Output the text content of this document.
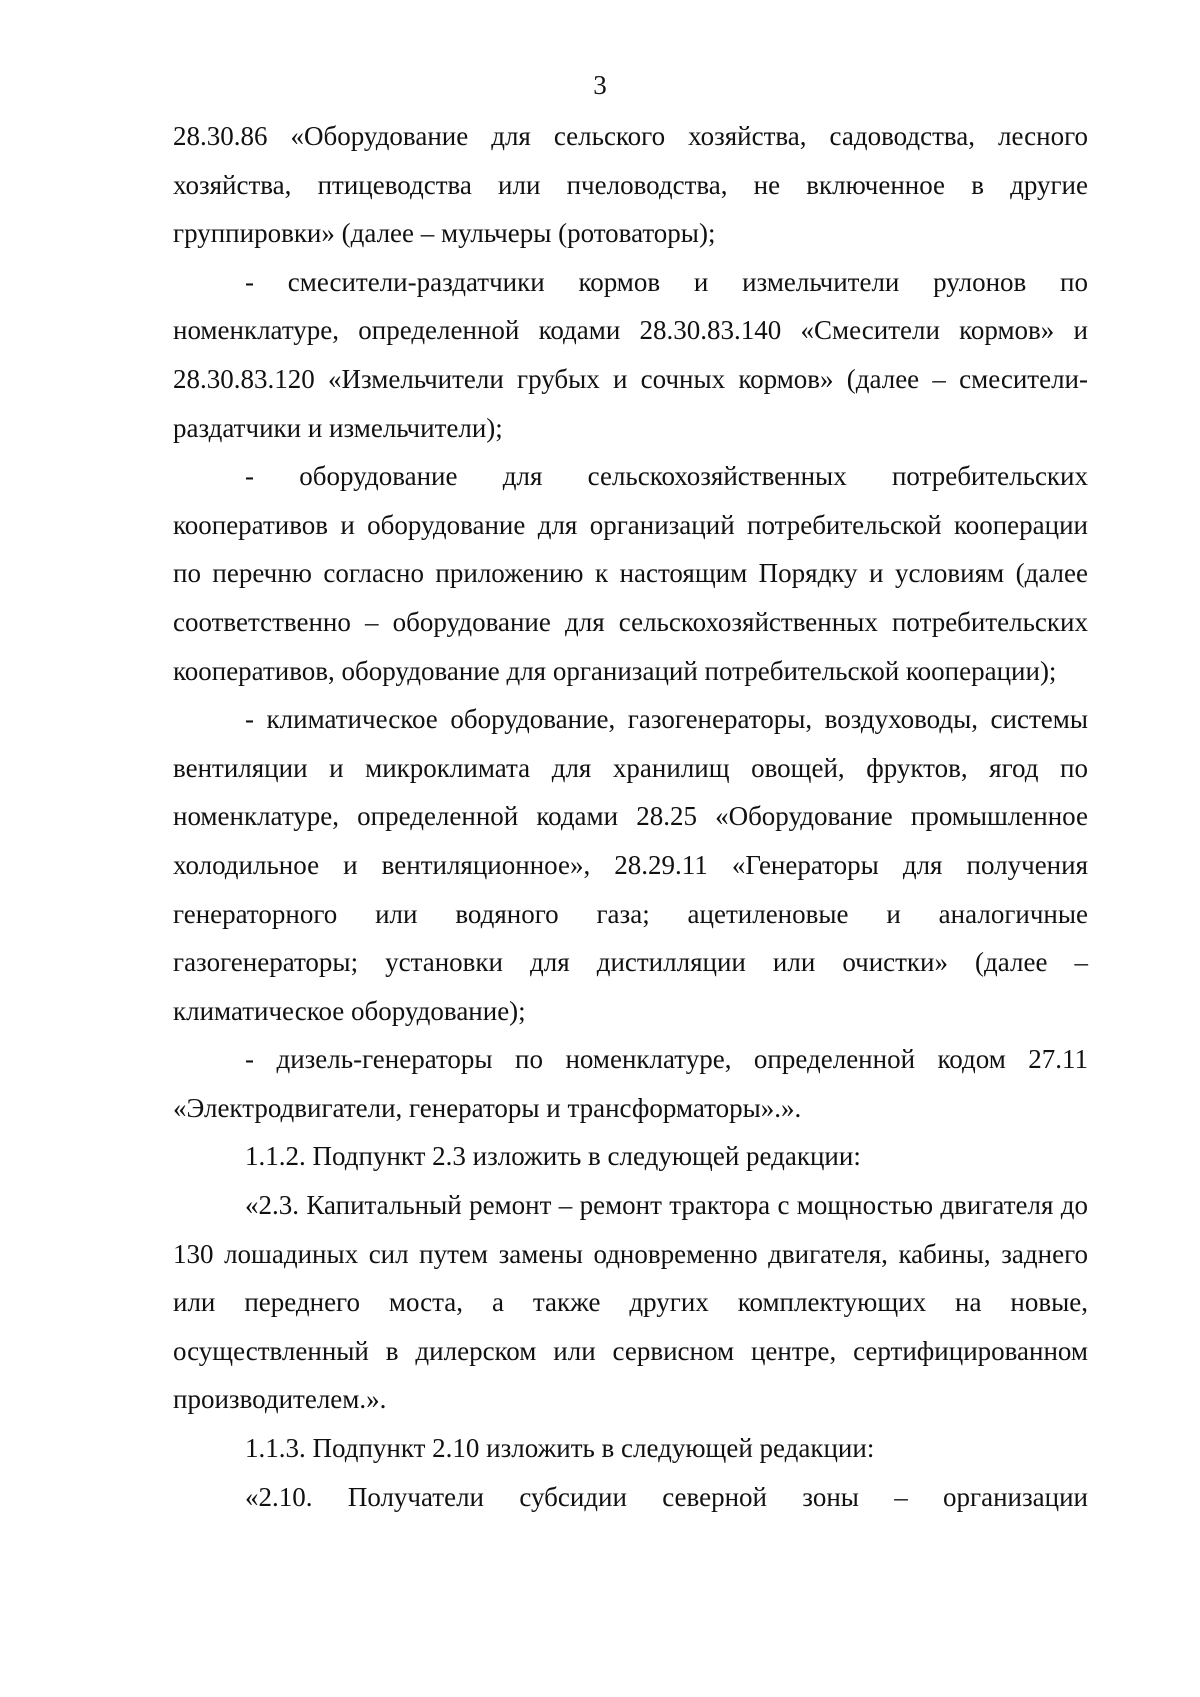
3

28.30.86 «Оборудование для сельского хозяйства, садоводства, лесного хозяйства, птицеводства или пчеловодства, не включенное в другие группировки» (далее – мульчеры (ротоваторы);

- смесители-раздатчики кормов и измельчители рулонов по номенклатуре, определенной кодами 28.30.83.140 «Смесители кормов» и 28.30.83.120 «Измельчители грубых и сочных кормов» (далее – смесители-раздатчики и измельчители);

- оборудование для сельскохозяйственных потребительских кооперативов и оборудование для организаций потребительской кооперации по перечню согласно приложению к настоящим Порядку и условиям (далее соответственно – оборудование для сельскохозяйственных потребительских кооперативов, оборудование для организаций потребительской кооперации);

- климатическое оборудование, газогенераторы, воздуховоды, системы вентиляции и микроклимата для хранилищ овощей, фруктов, ягод по номенклатуре, определенной кодами 28.25 «Оборудование промышленное холодильное и вентиляционное», 28.29.11 «Генераторы для получения генераторного или водяного газа; ацетиленовые и аналогичные газогенераторы; установки для дистилляции или очистки» (далее – климатическое оборудование);

- дизель-генераторы по номенклатуре, определенной кодом 27.11 «Электродвигатели, генераторы и трансформаторы».».

1.1.2. Подпункт 2.3 изложить в следующей редакции:

«2.3. Капитальный ремонт – ремонт трактора с мощностью двигателя до 130 лошадиных сил путем замены одновременно двигателя, кабины, заднего или переднего моста, а также других комплектующих на новые, осуществленный в дилерском или сервисном центре, сертифицированном производителем.».

1.1.3. Подпункт 2.10 изложить в следующей редакции:

«2.10. Получатели субсидии северной зоны – организации
